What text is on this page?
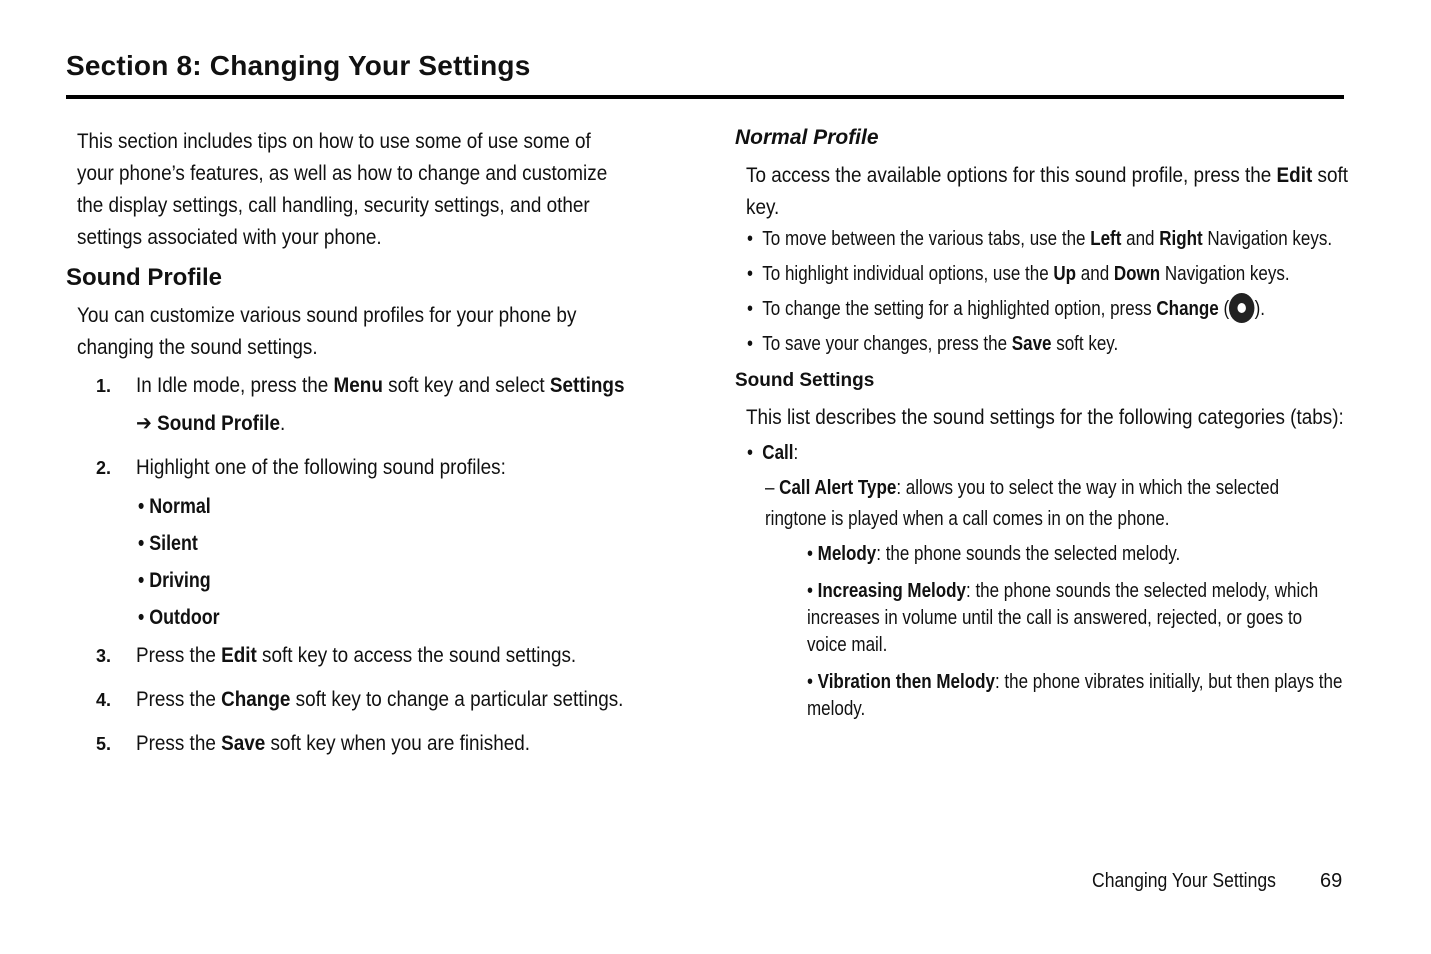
Section 8: Changing Your Settings

This section includes tips on how to use some of use some of your phone’s features, as well as how to change and customize the display settings, call handling, security settings, and other settings associated with your phone.

Sound Profile

You can customize various sound profiles for your phone by changing the sound settings.

1. In Idle mode, press the Menu soft key and select Settings
➔ Sound Profile.
2. Highlight one of the following sound profiles:
• Normal
• Silent
• Driving
• Outdoor
3. Press the Edit soft key to access the sound settings.
4. Press the Change soft key to change a particular settings.
5. Press the Save soft key when you are finished.
Normal Profile

To access the available options for this sound profile, press the Edit soft key.

• To move between the various tabs, use the Left and Right Navigation keys.
• To highlight individual options, use the Up and Down Navigation keys.
• To change the setting for a highlighted option, press Change ( ).
• To save your changes, press the Save soft key.
Sound Settings

This list describes the sound settings for the following categories (tabs):

• Call:
– Call Alert Type: allows you to select the way in which the selected ringtone is played when a call comes in on the phone.
• Melody: the phone sounds the selected melody.
• Increasing Melody: the phone sounds the selected melody, which increases in volume until the call is answered, rejected, or goes to voice mail.
• Vibration then Melody: the phone vibrates initially, but then plays the melody.
Changing Your Settings 69
